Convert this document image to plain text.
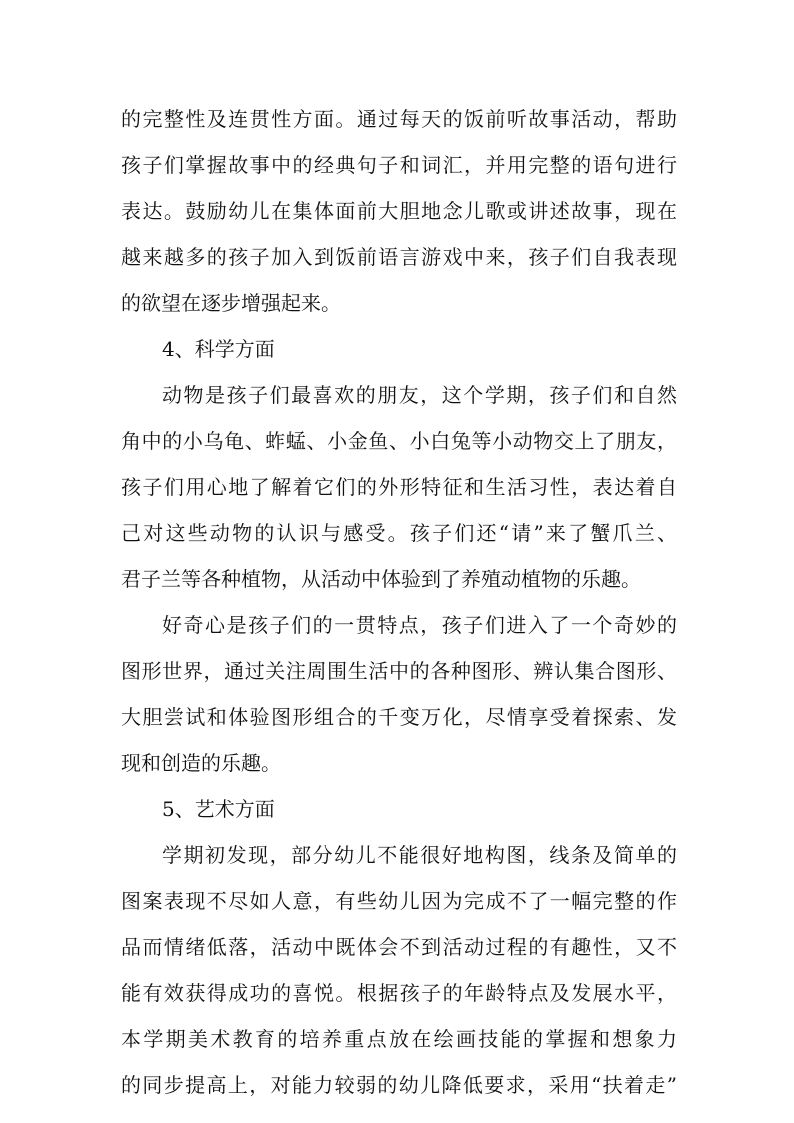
的完整性及连贯性方面。通过每天的饭前听故事活动，帮助
孩子们掌握故事中的经典句子和词汇，并用完整的语句进行
表达。鼓励幼儿在集体面前大胆地念儿歌或讲述故事，现在
越来越多的孩子加入到饭前语言游戏中来，孩子们自我表现
的欲望在逐步增强起来。
4、科学方面
动物是孩子们最喜欢的朋友，这个学期，孩子们和自然
角中的小乌龟、蚱蜢、小金鱼、小白兔等小动物交上了朋友，
孩子们用心地了解着它们的外形特征和生活习性，表达着自
己对这些动物的认识与感受。孩子们还“请”来了蟹爪兰、
君子兰等各种植物，从活动中体验到了养殖动植物的乐趣。
好奇心是孩子们的一贯特点，孩子们进入了一个奇妙的
图形世界，通过关注周围生活中的各种图形、辨认集合图形、
大胆尝试和体验图形组合的千变万化，尽情享受着探索、发
现和创造的乐趣。
5、艺术方面
学期初发现，部分幼儿不能很好地构图，线条及简单的
图案表现不尽如人意，有些幼儿因为完成不了一幅完整的作
品而情绪低落，活动中既体会不到活动过程的有趣性，又不
能有效获得成功的喜悦。根据孩子的年龄特点及发展水平，
本学期美术教育的培养重点放在绘画技能的掌握和想象力
的同步提高上，对能力较弱的幼儿降低要求，采用“扶着走”
